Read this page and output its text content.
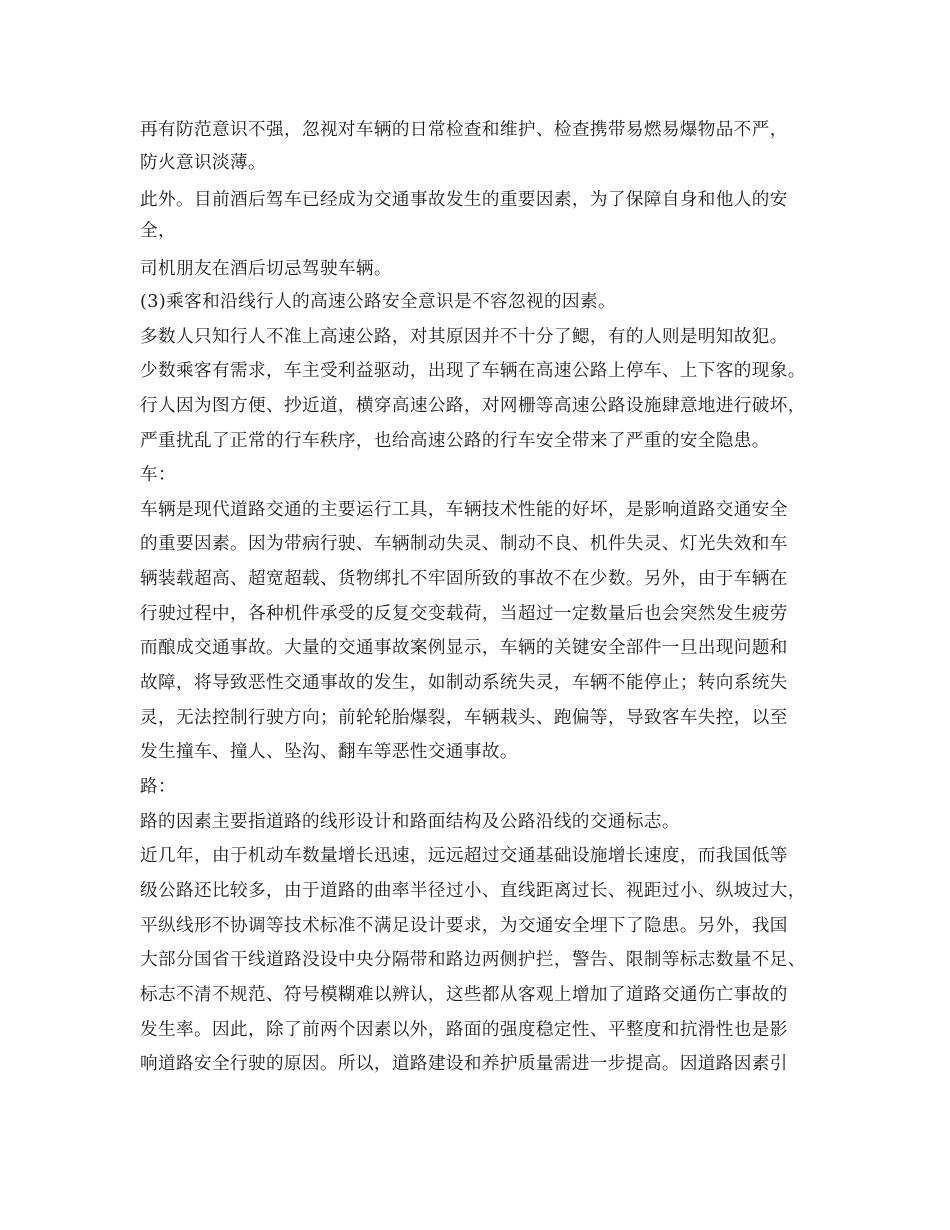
再有防范意识不强，忽视对车辆的日常检查和维护、检查携带易燃易爆物品不严，
防火意识淡薄。
此外。目前酒后驾车已经成为交通事故发生的重要因素，为了保障自身和他人的安
全，
司机朋友在酒后切忌驾驶车辆。
(3)乘客和沿线行人的高速公路安全意识是不容忽视的因素。
多数人只知行人不准上高速公路，对其原因并不十分了鳃，有的人则是明知故犯。
少数乘客有需求，车主受利益驱动，出现了车辆在高速公路上停车、上下客的现象。
行人因为图方便、抄近道，横穿高速公路，对网栅等高速公路设施肆意地进行破坏，
严重扰乱了正常的行车秩序，也给高速公路的行车安全带来了严重的安全隐患。
车：
车辆是现代道路交通的主要运行工具，车辆技术性能的好坏，是影响道路交通安全
的重要因素。因为带病行驶、车辆制动失灵、制动不良、机件失灵、灯光失效和车
辆装载超高、超宽超载、货物绑扎不牢固所致的事故不在少数。另外，由于车辆在
行驶过程中，各种机件承受的反复交变载荷，当超过一定数量后也会突然发生疲劳
而酿成交通事故。大量的交通事故案例显示，车辆的关键安全部件一旦出现问题和
故障，将导致恶性交通事故的发生，如制动系统失灵，车辆不能停止；转向系统失
灵，无法控制行驶方向；前轮轮胎爆裂，车辆栽头、跑偏等，导致客车失控，以至
发生撞车、撞人、坠沟、翻车等恶性交通事故。
路：
路的因素主要指道路的线形设计和路面结构及公路沿线的交通标志。
近几年，由于机动车数量增长迅速，远远超过交通基础设施增长速度，而我国低等
级公路还比较多，由于道路的曲率半径过小、直线距离过长、视距过小、纵坡过大，
平纵线形不协调等技术标准不满足设计要求，为交通安全埋下了隐患。另外，我国
大部分国省干线道路没设中央分隔带和路边两侧护拦，警告、限制等标志数量不足、
标志不清不规范、符号模糊难以辨认，这些都从客观上增加了道路交通伤亡事故的
发生率。因此，除了前两个因素以外，路面的强度稳定性、平整度和抗滑性也是影
响道路安全行驶的原因。所以，道路建设和养护质量需进一步提高。因道路因素引
